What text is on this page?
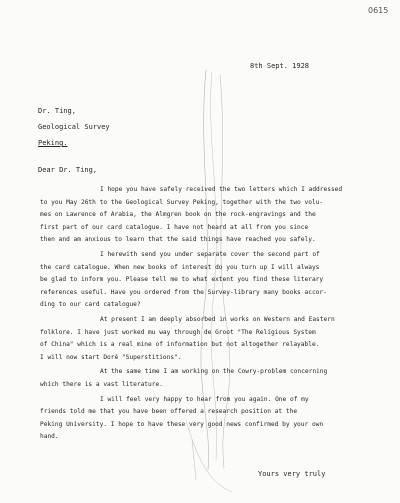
0615
8th Sept. 1928
Dr. Ting,
Geological Survey
Peking.
Dear Dr. Ting,

I hope you have safely received the two letters which I addressed

to you May 26th to the Geological Survey Peking, together with the two volu-

mes on Lawrence of Arabia, the Almgren book on the rock-engravings and the

first part of our card catalogue. I have not heard at all from you since

then and am anxious to learn that the said things have reached you safely.

I herewith send you under separate cover the second part of

the card catalogue. When new books of interest do you turn up I will always

be glad to inform you. Please tell me to what extent you find these literary

references useful. Have you ordered from the Survey-library many books accor-

ding to our card catalogue?

At present I am deeply absorbed in works on Western and Eastern

folklore. I have just worked mu way through de Groot "The Religious System

of China" which is a real mine of information but not altogether relayable.

I will now start Doré "Superstitions".

At the same time I am working on the Cowry-problem concerning

which there is a vast literature.

I will feel very happy to hear from you again. One of my

friends told me that you have been offered a research position at the

Peking University. I hope to have these very good news confirmed by your own

hand.

Yours very truly
